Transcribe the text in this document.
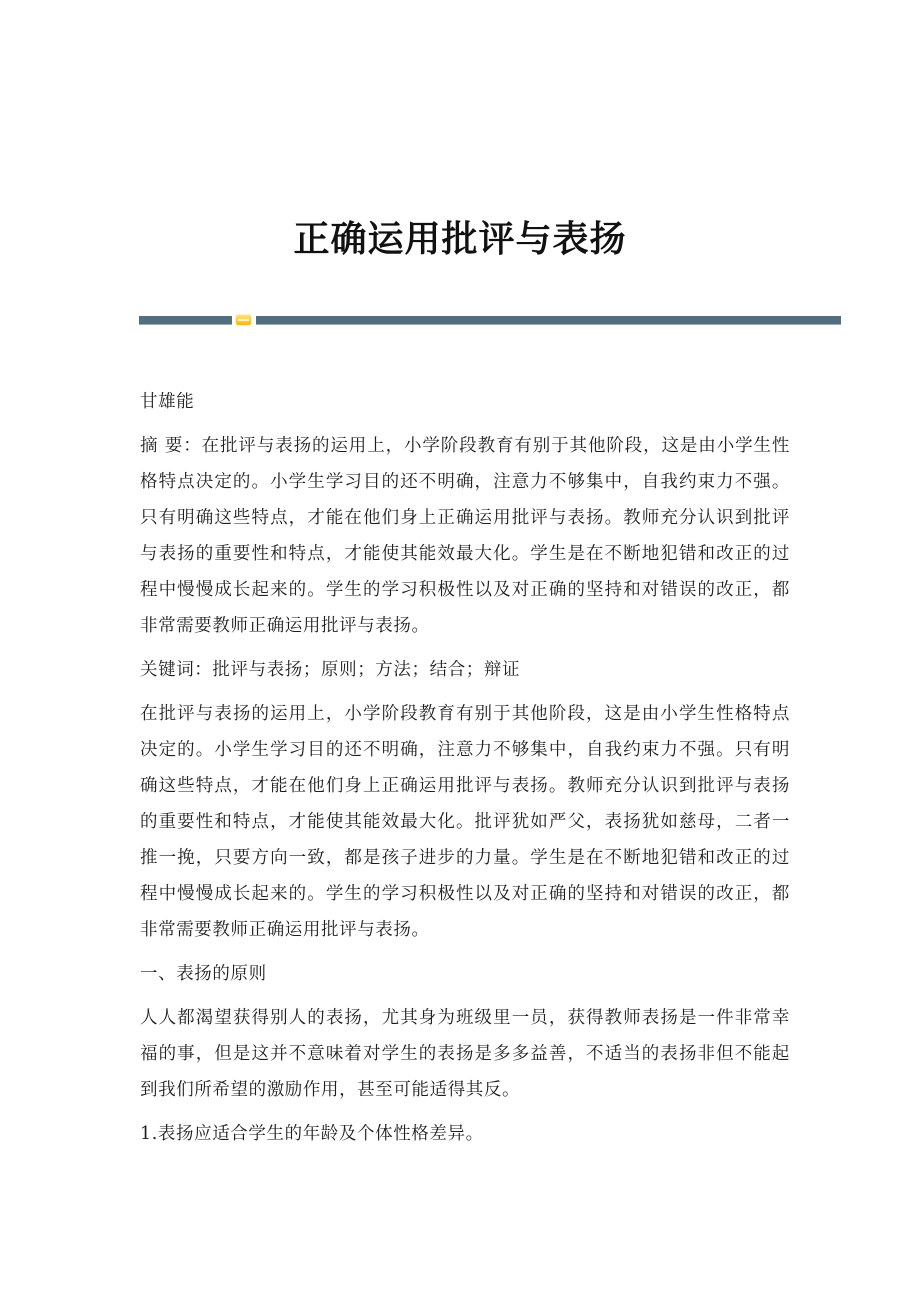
正确运用批评与表扬

甘雄能

摘 要：在批评与表扬的运用上，小学阶段教育有别于其他阶段，这是由小学生性格特点决定的。小学生学习目的还不明确，注意力不够集中，自我约束力不强。只有明确这些特点，才能在他们身上正确运用批评与表扬。教师充分认识到批评与表扬的重要性和特点，才能使其能效最大化。学生是在不断地犯错和改正的过程中慢慢成长起来的。学生的学习积极性以及对正确的坚持和对错误的改正，都非常需要教师正确运用批评与表扬。

关键词：批评与表扬；原则；方法；结合；辩证

在批评与表扬的运用上，小学阶段教育有别于其他阶段，这是由小学生性格特点决定的。小学生学习目的还不明确，注意力不够集中，自我约束力不强。只有明确这些特点，才能在他们身上正确运用批评与表扬。教师充分认识到批评与表扬的重要性和特点，才能使其能效最大化。批评犹如严父，表扬犹如慈母，二者一推一挽，只要方向一致，都是孩子进步的力量。学生是在不断地犯错和改正的过程中慢慢成长起来的。学生的学习积极性以及对正确的坚持和对错误的改正，都非常需要教师正确运用批评与表扬。

一、表扬的原则

人人都渴望获得别人的表扬，尤其身为班级里一员，获得教师表扬是一件非常幸福的事，但是这并不意味着对学生的表扬是多多益善，不适当的表扬非但不能起到我们所希望的激励作用，甚至可能适得其反。

1.表扬应适合学生的年龄及个体性格差异。
